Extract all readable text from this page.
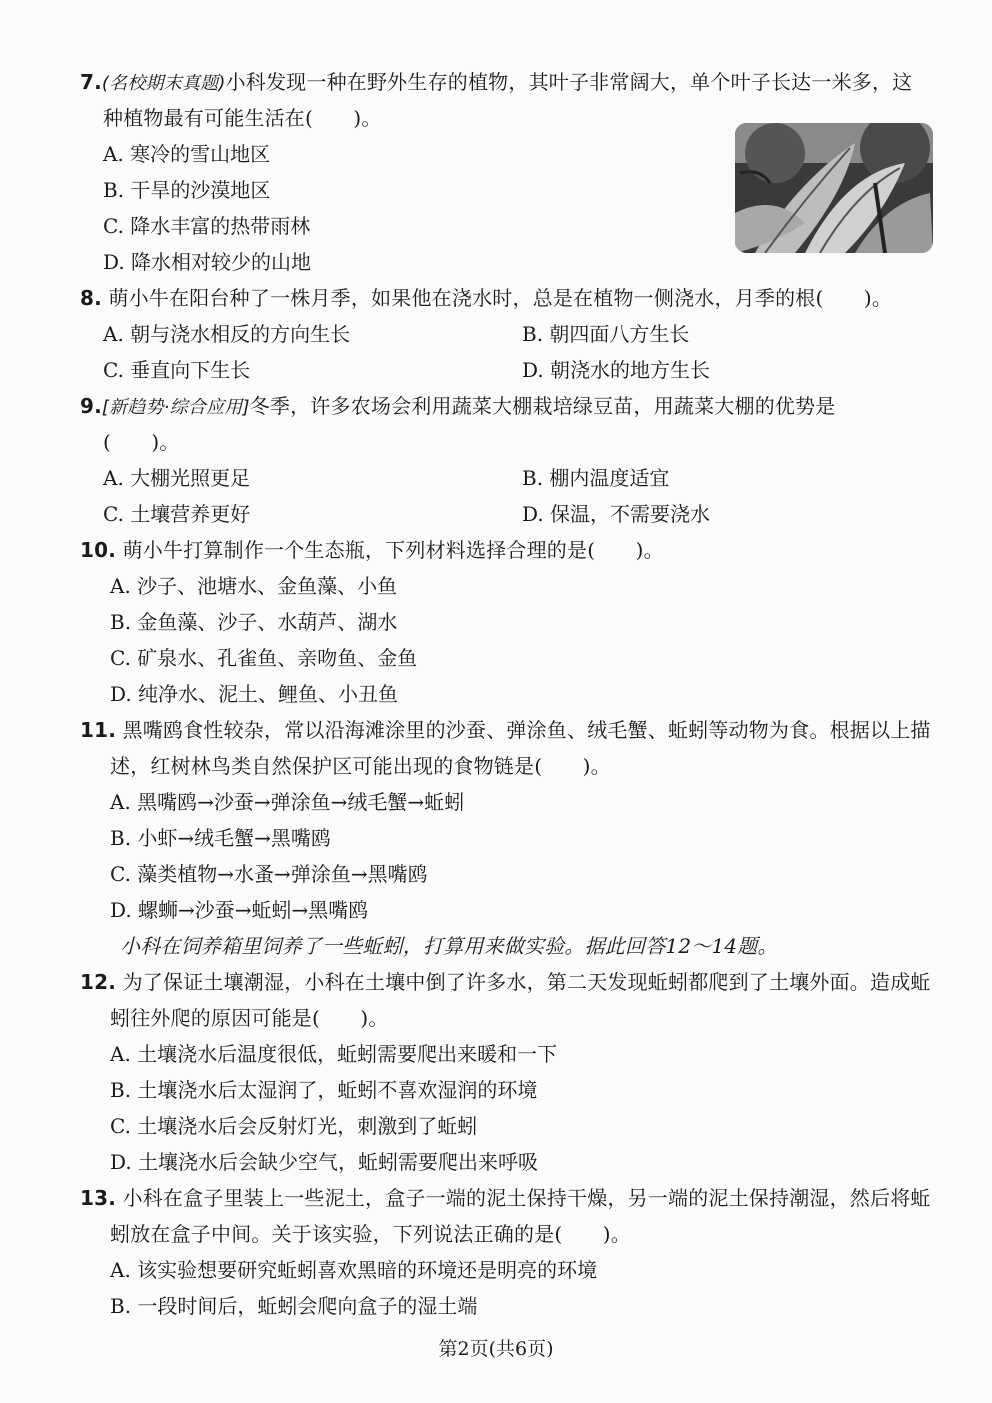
7.(名校期末真题)小科发现一种在野外生存的植物，其叶子非常阔大，单个叶子长达一米多，这
种植物最有可能生活在(　　)。
A. 寒冷的雪山地区
B. 干旱的沙漠地区
C. 降水丰富的热带雨林
D. 降水相对较少的山地
8. 萌小牛在阳台种了一株月季，如果他在浇水时，总是在植物一侧浇水，月季的根(　　)。
A. 朝与浇水相反的方向生长	B. 朝四面八方生长
C. 垂直向下生长	D. 朝浇水的地方生长
9.[新趋势·综合应用]冬季，许多农场会利用蔬菜大棚栽培绿豆苗，用蔬菜大棚的优势是
(　　)。
A. 大棚光照更足	B. 棚内温度适宜
C. 土壤营养更好	D. 保温，不需要浇水
10. 萌小牛打算制作一个生态瓶，下列材料选择合理的是(　　)。
A. 沙子、池塘水、金鱼藻、小鱼
B. 金鱼藻、沙子、水葫芦、湖水
C. 矿泉水、孔雀鱼、亲吻鱼、金鱼
D. 纯净水、泥土、鲤鱼、小丑鱼
11. 黑嘴鸥食性较杂，常以沿海滩涂里的沙蚕、弹涂鱼、绒毛蟹、蚯蚓等动物为食。根据以上描
述，红树林鸟类自然保护区可能出现的食物链是(　　)。
A. 黑嘴鸥→沙蚕→弹涂鱼→绒毛蟹→蚯蚓
B. 小虾→绒毛蟹→黑嘴鸥
C. 藻类植物→水蚤→弹涂鱼→黑嘴鸥
D. 螺蛳→沙蚕→蚯蚓→黑嘴鸥
小科在饲养箱里饲养了一些蚯蚓，打算用来做实验。据此回答12～14题。
12. 为了保证土壤潮湿，小科在土壤中倒了许多水，第二天发现蚯蚓都爬到了土壤外面。造成蚯
蚓往外爬的原因可能是(　　)。
A. 土壤浇水后温度很低，蚯蚓需要爬出来暖和一下
B. 土壤浇水后太湿润了，蚯蚓不喜欢湿润的环境
C. 土壤浇水后会反射灯光，刺激到了蚯蚓
D. 土壤浇水后会缺少空气，蚯蚓需要爬出来呼吸
13. 小科在盒子里装上一些泥土，盒子一端的泥土保持干燥，另一端的泥土保持潮湿，然后将蚯
蚓放在盒子中间。关于该实验，下列说法正确的是(　　)。
A. 该实验想要研究蚯蚓喜欢黑暗的环境还是明亮的环境
B. 一段时间后，蚯蚓会爬向盒子的湿土端
第2页(共6页)
